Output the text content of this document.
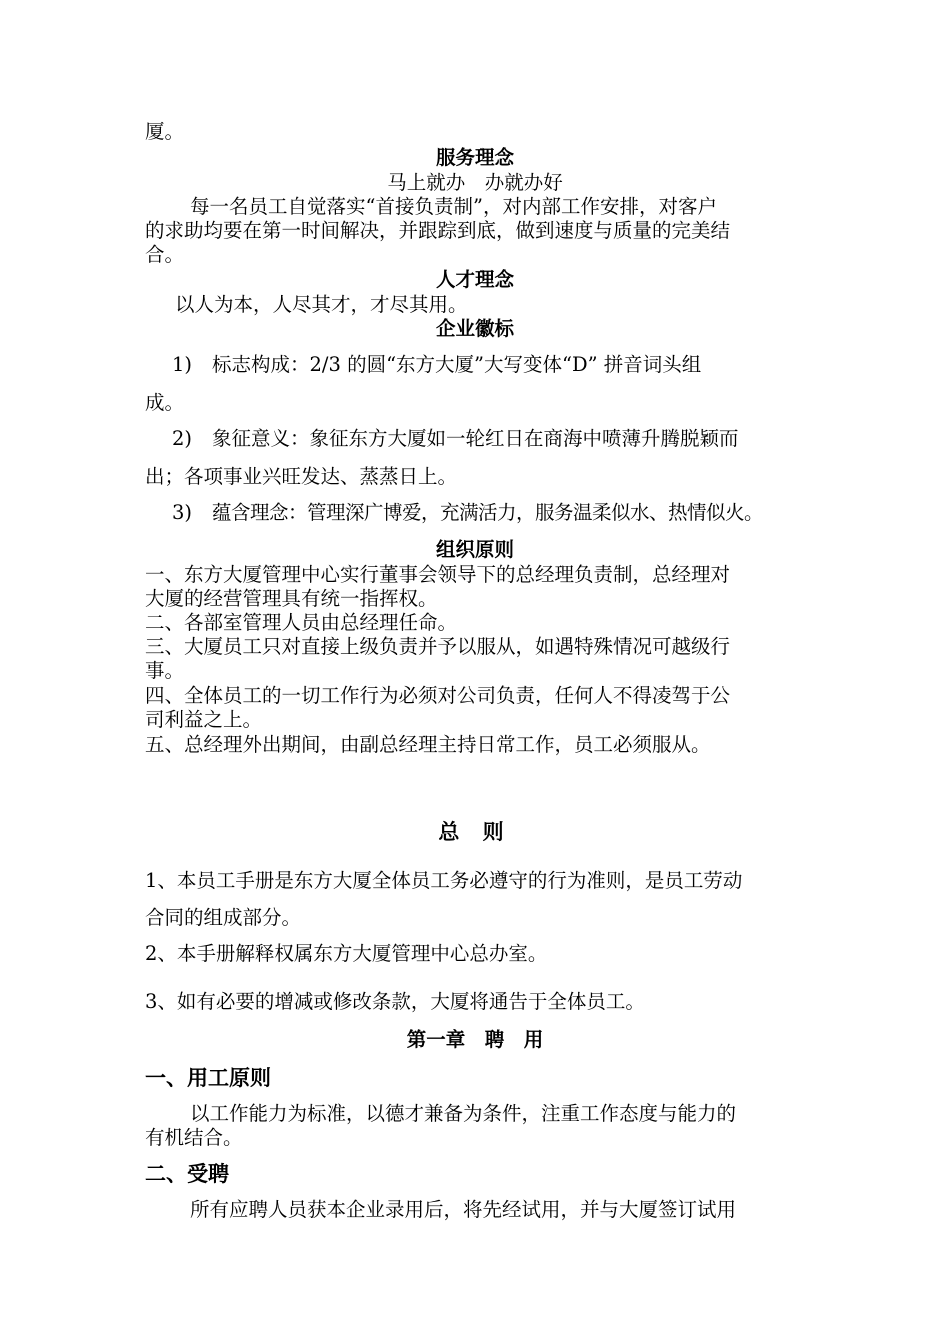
厦。

服务理念

马上就办　办就办好

每一名员工自觉落实“首接负责制”，对内部工作安排，对客户

的求助均要在第一时间解决，并跟踪到底，做到速度与质量的完美结

合。

人才理念

以人为本，人尽其才，才尽其用。

企业徽标

1) 标志构成：2/3 的圆“东方大厦”大写变体“D” 拼音词头组

成。

2) 象征意义：象征东方大厦如一轮红日在商海中喷薄升腾脱颖而

出；各项事业兴旺发达、蒸蒸日上。

3) 蕴含理念：管理深广博爱，充满活力，服务温柔似水、热情似火。

组织原则

一、东方大厦管理中心实行董事会领导下的总经理负责制，总经理对

大厦的经营管理具有统一指挥权。

二、各部室管理人员由总经理任命。

三、大厦员工只对直接上级负责并予以服从，如遇特殊情况可越级行

事。

四、全体员工的一切工作行为必须对公司负责，任何人不得凌驾于公

司利益之上。

五、总经理外出期间，由副总经理主持日常工作，员工必须服从。

总 则

1、本员工手册是东方大厦全体员工务必遵守的行为准则，是员工劳动

合同的组成部分。

2、本手册解释权属东方大厦管理中心总办室。

3、如有必要的增减或修改条款，大厦将通告于全体员工。

第一章　聘　用

一、用工原则

以工作能力为标准，以德才兼备为条件，注重工作态度与能力的

有机结合。

二、受聘

所有应聘人员获本企业录用后，将先经试用，并与大厦签订试用
